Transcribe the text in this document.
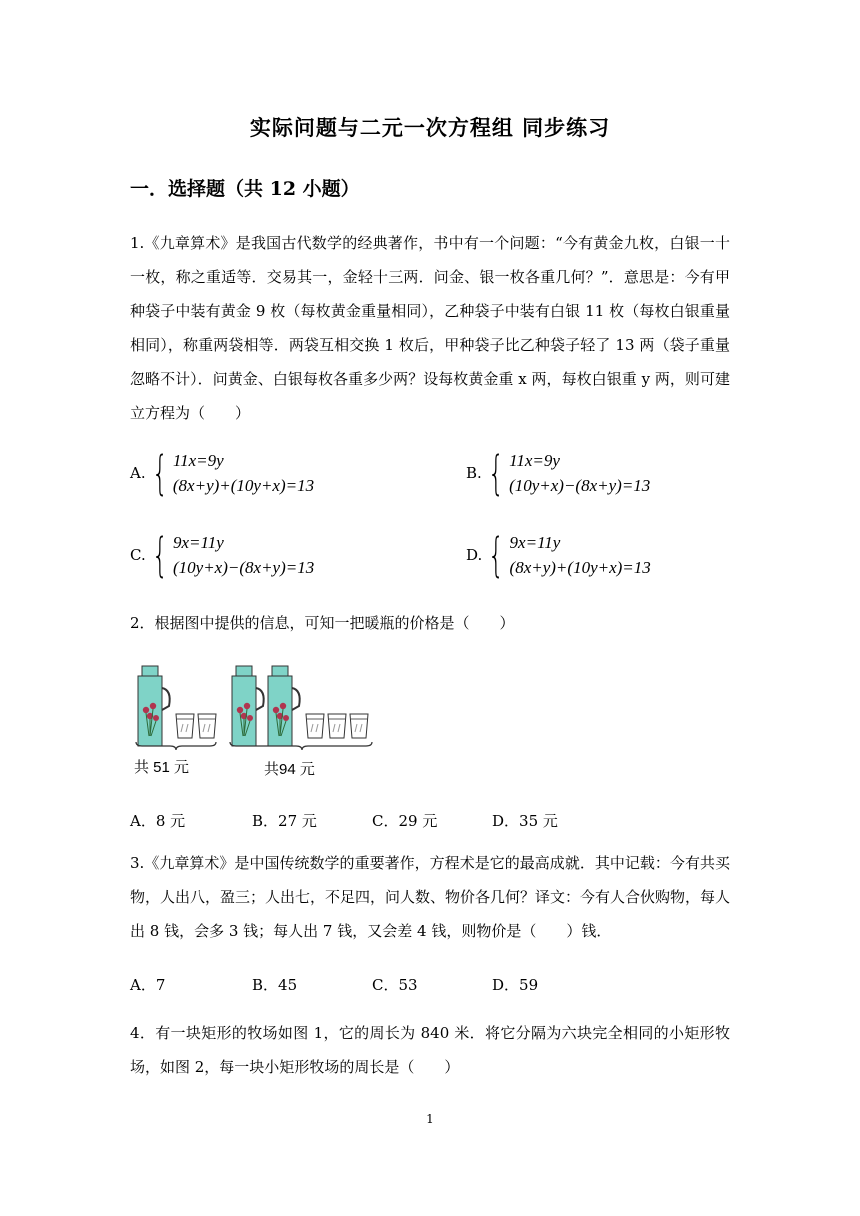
实际问题与二元一次方程组 同步练习
一．选择题（共 12 小题）
1.《九章算术》是我国古代数学的经典著作，书中有一个问题：“今有黄金九枚，白银一十一枚，称之重适等．交易其一，金轻十三两．问金、银一枚各重几何？”．意思是：今有甲种袋子中装有黄金 9 枚（每枚黄金重量相同），乙种袋子中装有白银 11 枚（每枚白银重量相同），称重两袋相等．两袋互相交换 1 枚后，甲种袋子比乙种袋子轻了 13 两（袋子重量忽略不计）．问黄金、白银每枚各重多少两？设每枚黄金重 x 两，每枚白银重 y 两，则可建立方程为（　　）
A. { 11x=9y
(8x+y)+(10y+x)=13
B. { 11x=9y
(10y+x)−(8x+y)=13
C. { 9x=11y
(10y+x)−(8x+y)=13
D. { 9x=11y
(8x+y)+(10y+x)=13
2．根据图中提供的信息，可知一把暖瓶的价格是（　　）
共 51 元	共94 元
A．8 元	B．27 元	C．29 元	D．35 元
3.《九章算术》是中国传统数学的重要著作，方程术是它的最高成就．其中记载：今有共买物，人出八，盈三；人出七，不足四，问人数、物价各几何？译文：今有人合伙购物，每人出 8 钱，会多 3 钱；每人出 7 钱，又会差 4 钱，则物价是（　　）钱．
A．7	B．45	C．53	D．59
4．有一块矩形的牧场如图 1，它的周长为 840 米．将它分隔为六块完全相同的小矩形牧场，如图 2，每一块小矩形牧场的周长是（　　）
1
